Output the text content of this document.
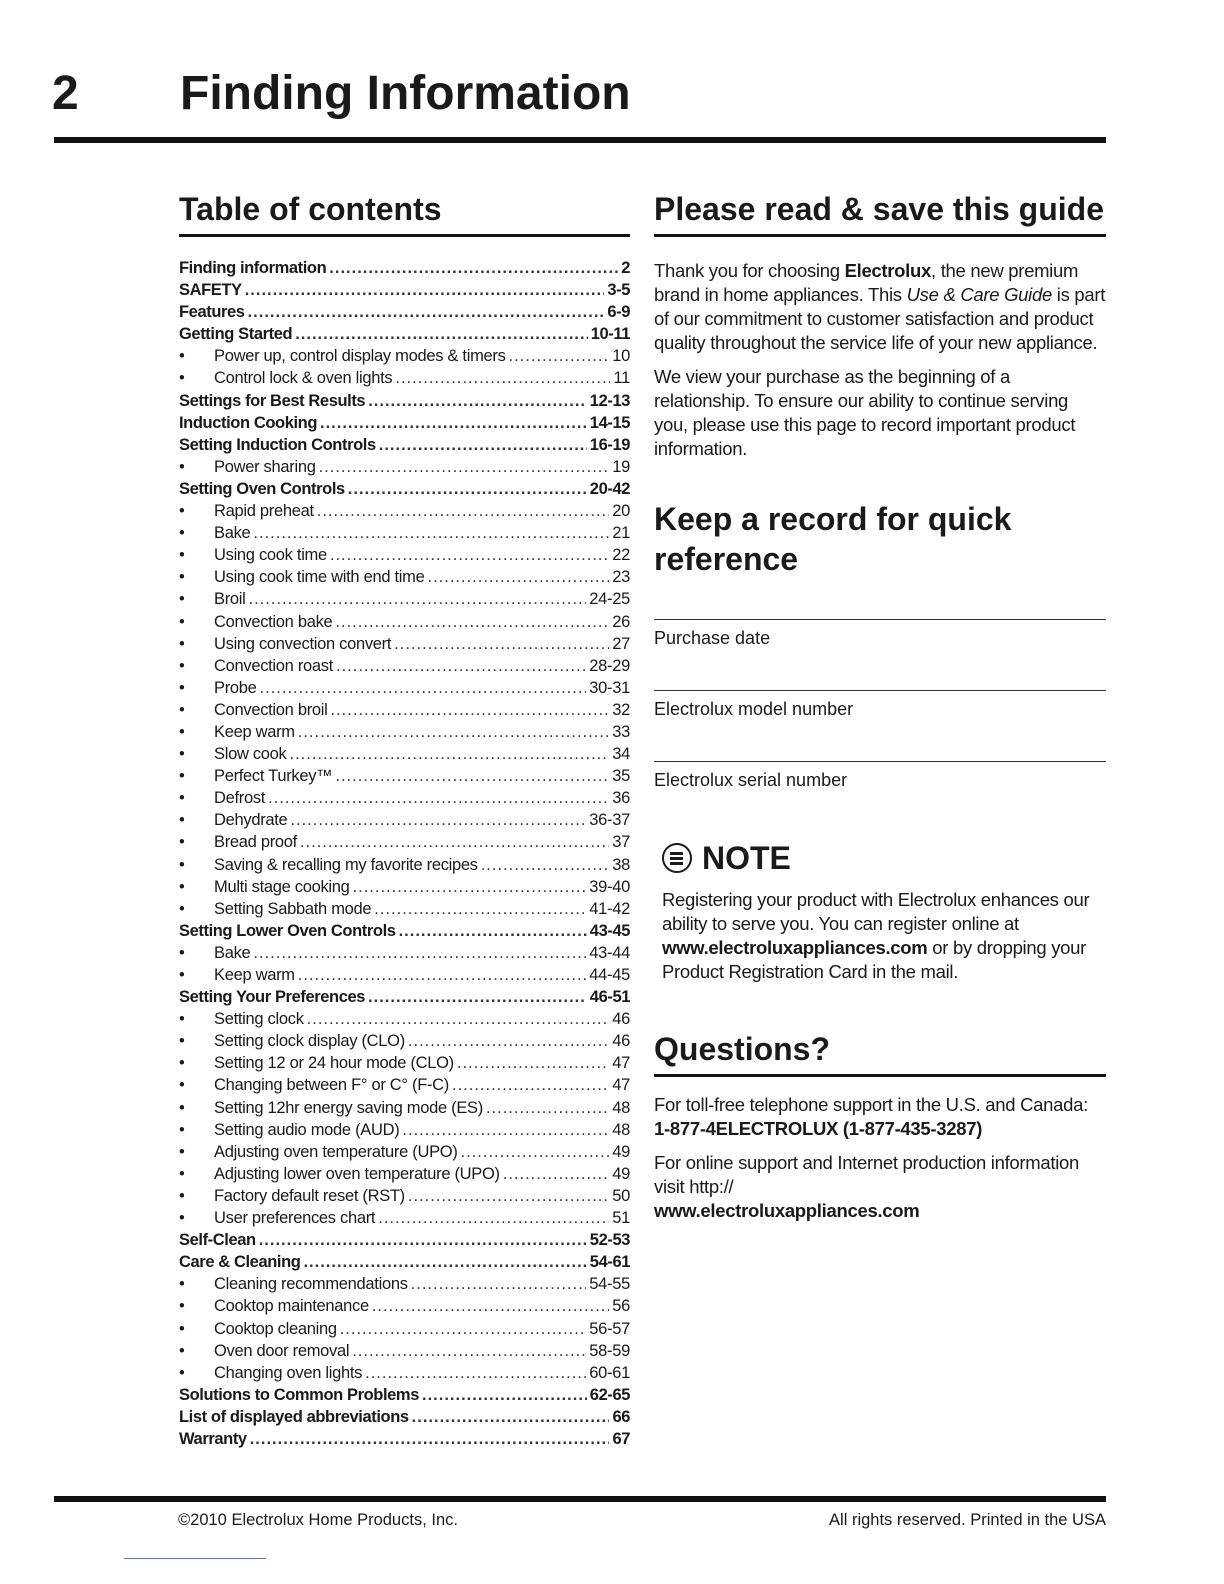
2 Finding Information
Table of contents
Finding information .....	2
SAFETY .....	3-5
Features .....	6-9
Getting Started .....	10-11
• Power up, control display modes & timers .....	10
• Control lock & oven lights .....	11
Settings for Best Results .....	12-13
Induction Cooking .....	14-15
Setting Induction Controls .....	16-19
• Power sharing .....	19
Setting Oven Controls .....	20-42
• Rapid preheat .....	20
• Bake .....	21
• Using cook time .....	22
• Using cook time with end time .....	23
• Broil .....	24-25
• Convection bake .....	26
• Using convection convert .....	27
• Convection roast .....	28-29
• Probe .....	30-31
• Convection broil .....	32
• Keep warm .....	33
• Slow cook .....	34
• Perfect Turkey™ .....	35
• Defrost .....	36
• Dehydrate .....	36-37
• Bread proof .....	37
• Saving & recalling my favorite recipes .....	38
• Multi stage cooking .....	39-40
• Setting Sabbath mode .....	41-42
Setting Lower Oven Controls .....	43-45
• Bake .....	43-44
• Keep warm .....	44-45
Setting Your Preferences .....	46-51
• Setting clock .....	46
• Setting clock display (CLO) .....	46
• Setting 12 or 24 hour mode (CLO) .....	47
• Changing between F° or C° (F-C) .....	47
• Setting 12hr energy saving mode (ES) .....	48
• Setting audio mode (AUD) .....	48
• Adjusting oven temperature (UPO) .....	49
• Adjusting lower oven temperature (UPO) .....	49
• Factory default reset (RST) .....	50
• User preferences chart .....	51
Self-Clean .....	52-53
Care & Cleaning .....	54-61
• Cleaning recommendations .....	54-55
• Cooktop maintenance .....	56
• Cooktop cleaning .....	56-57
• Oven door removal .....	58-59
• Changing oven lights .....	60-61
Solutions to Common Problems .....	62-65
List of displayed abbreviations .....	66
Warranty .....	67
Please read & save this guide

Thank you for choosing Electrolux, the new premium brand in home appliances. This Use & Care Guide is part of our commitment to customer satisfaction and product quality throughout the service life of your new appliance.

We view your purchase as the beginning of a relationship. To ensure our ability to continue serving you, please use this page to record important product information.

Keep a record for quick
reference
Purchase date
Electrolux model number
Electrolux serial number
NOTE

Registering your product with Electrolux enhances our ability to serve you. You can register online at www.electroluxappliances.com or by dropping your Product Registration Card in the mail.

Questions?

For toll-free telephone support in the U.S. and Canada:

1-877-4ELECTROLUX (1-877-435-3287)

For online support and Internet production information visit http://

www.electroluxappliances.com

©2010 Electrolux Home Products, Inc.	All rights reserved. Printed in the USA
